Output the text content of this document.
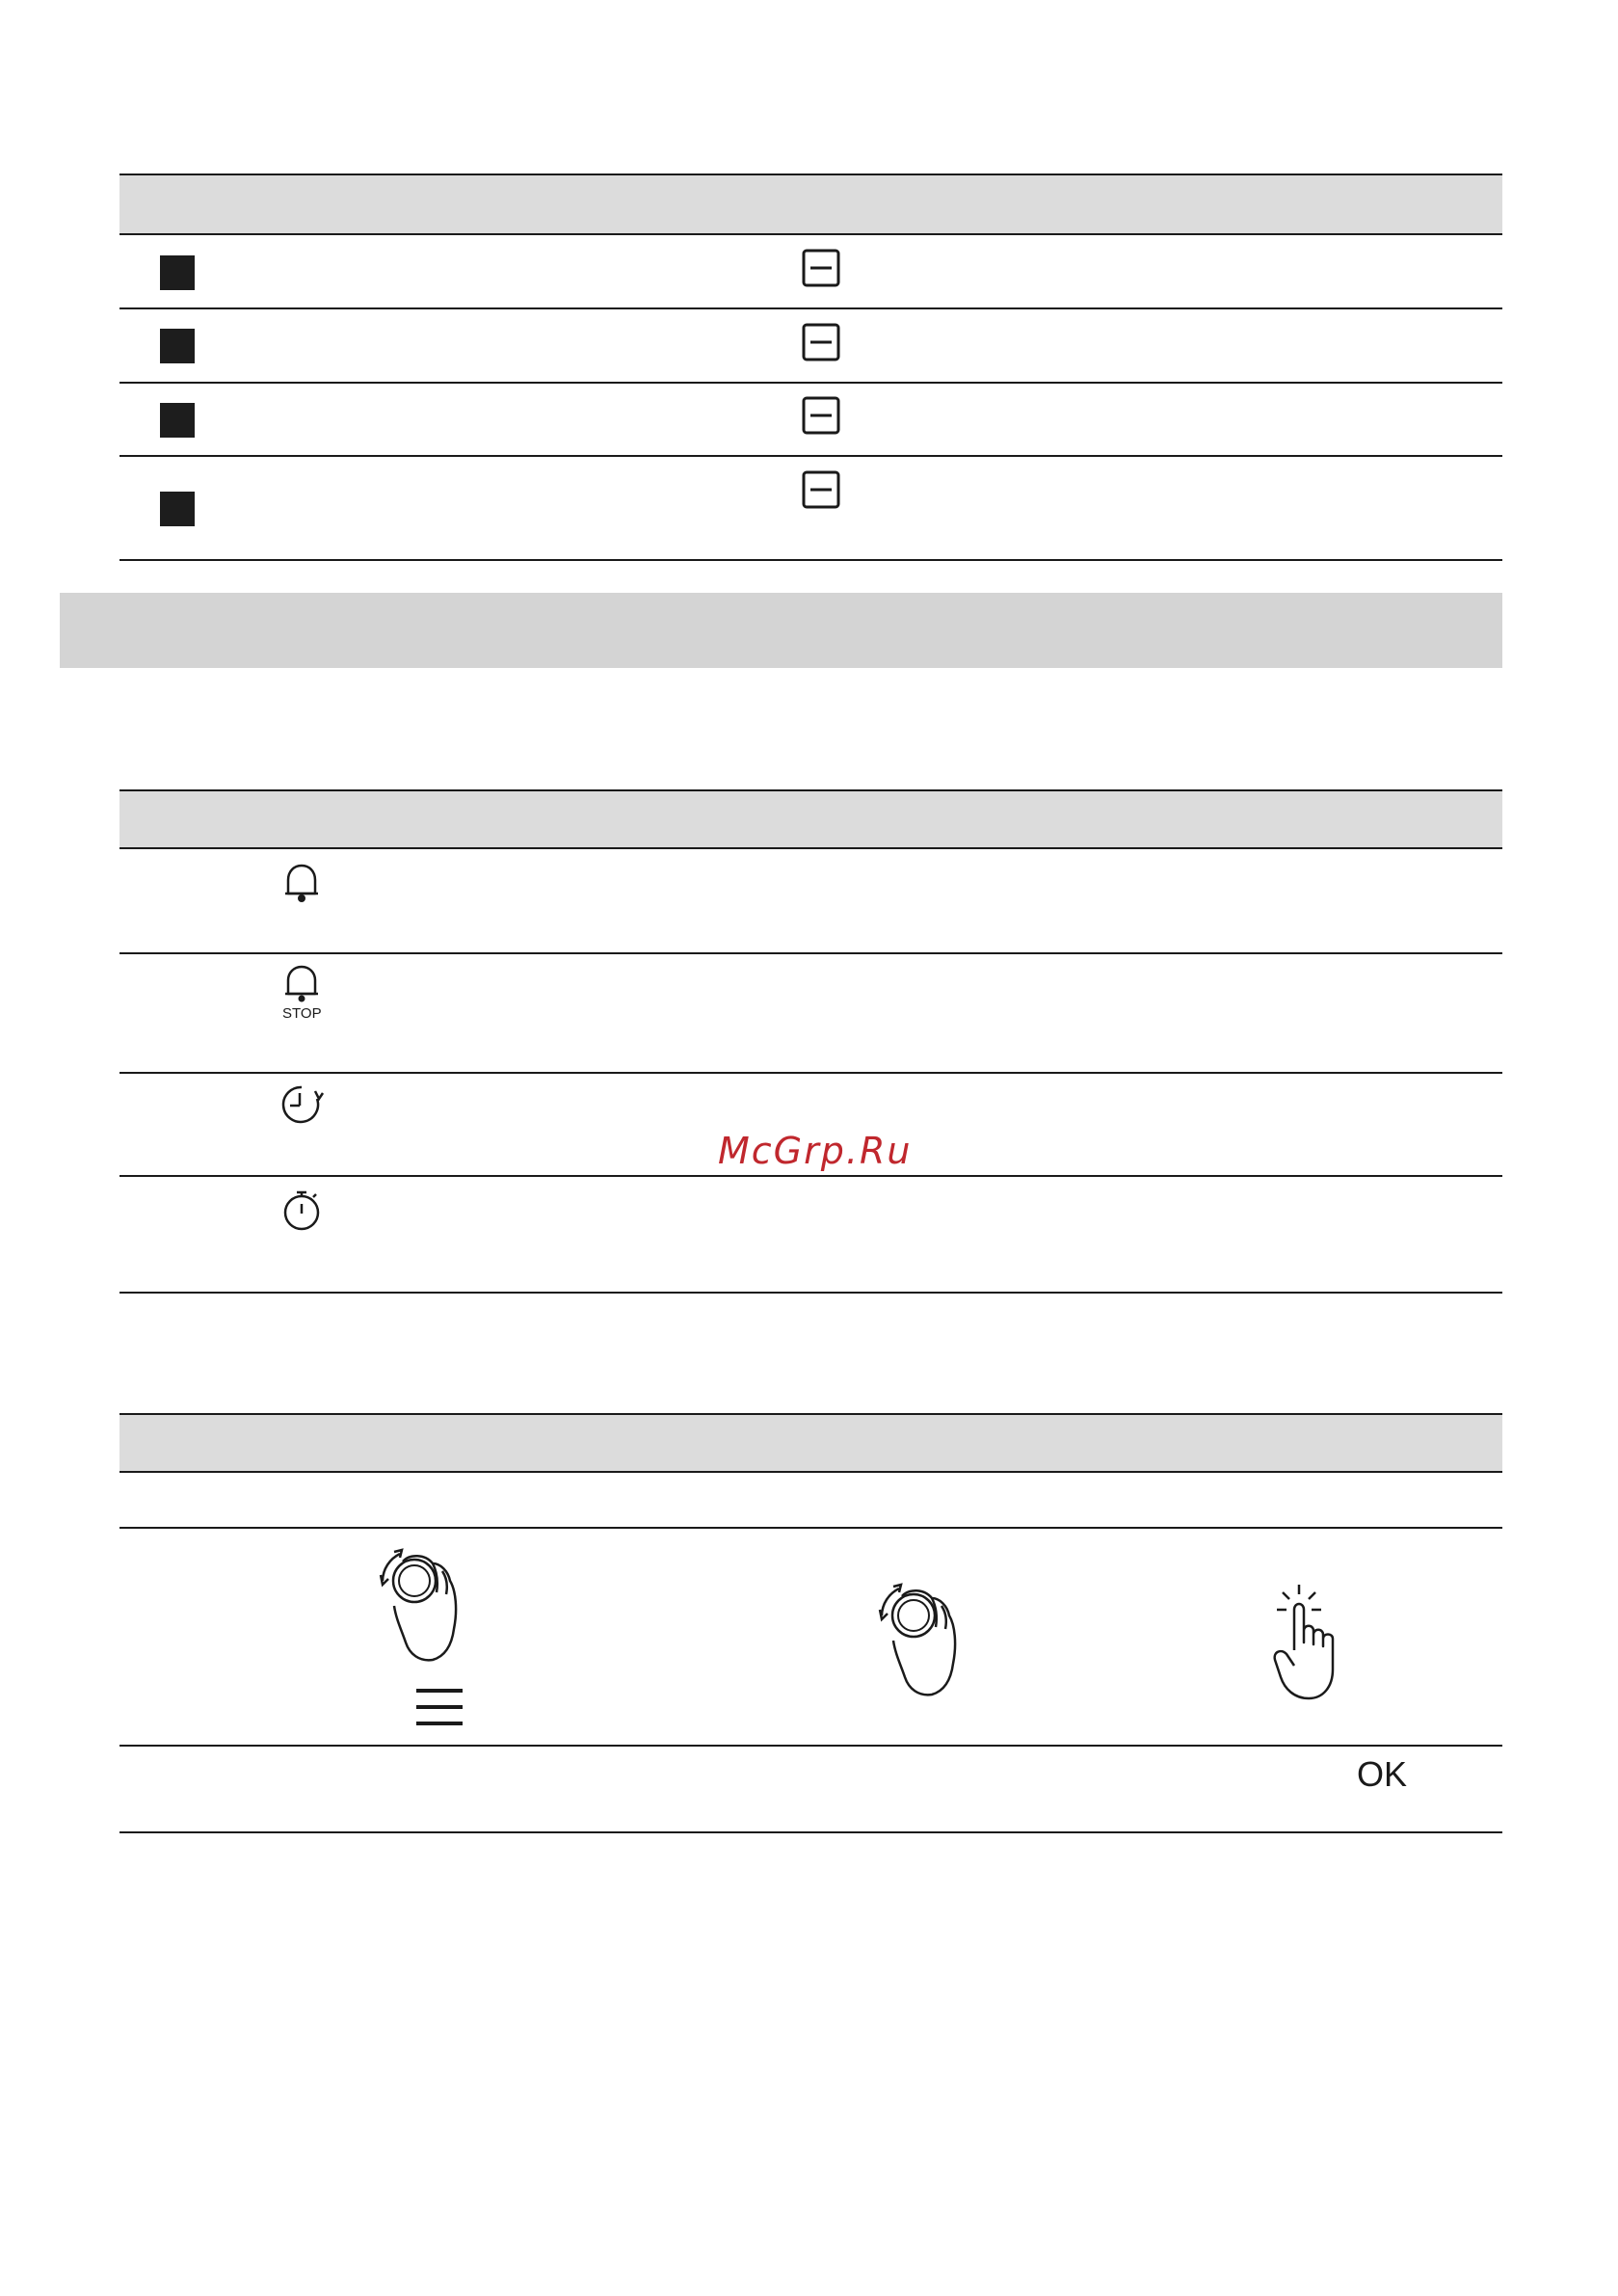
STOP
McGrp.Ru
OK
